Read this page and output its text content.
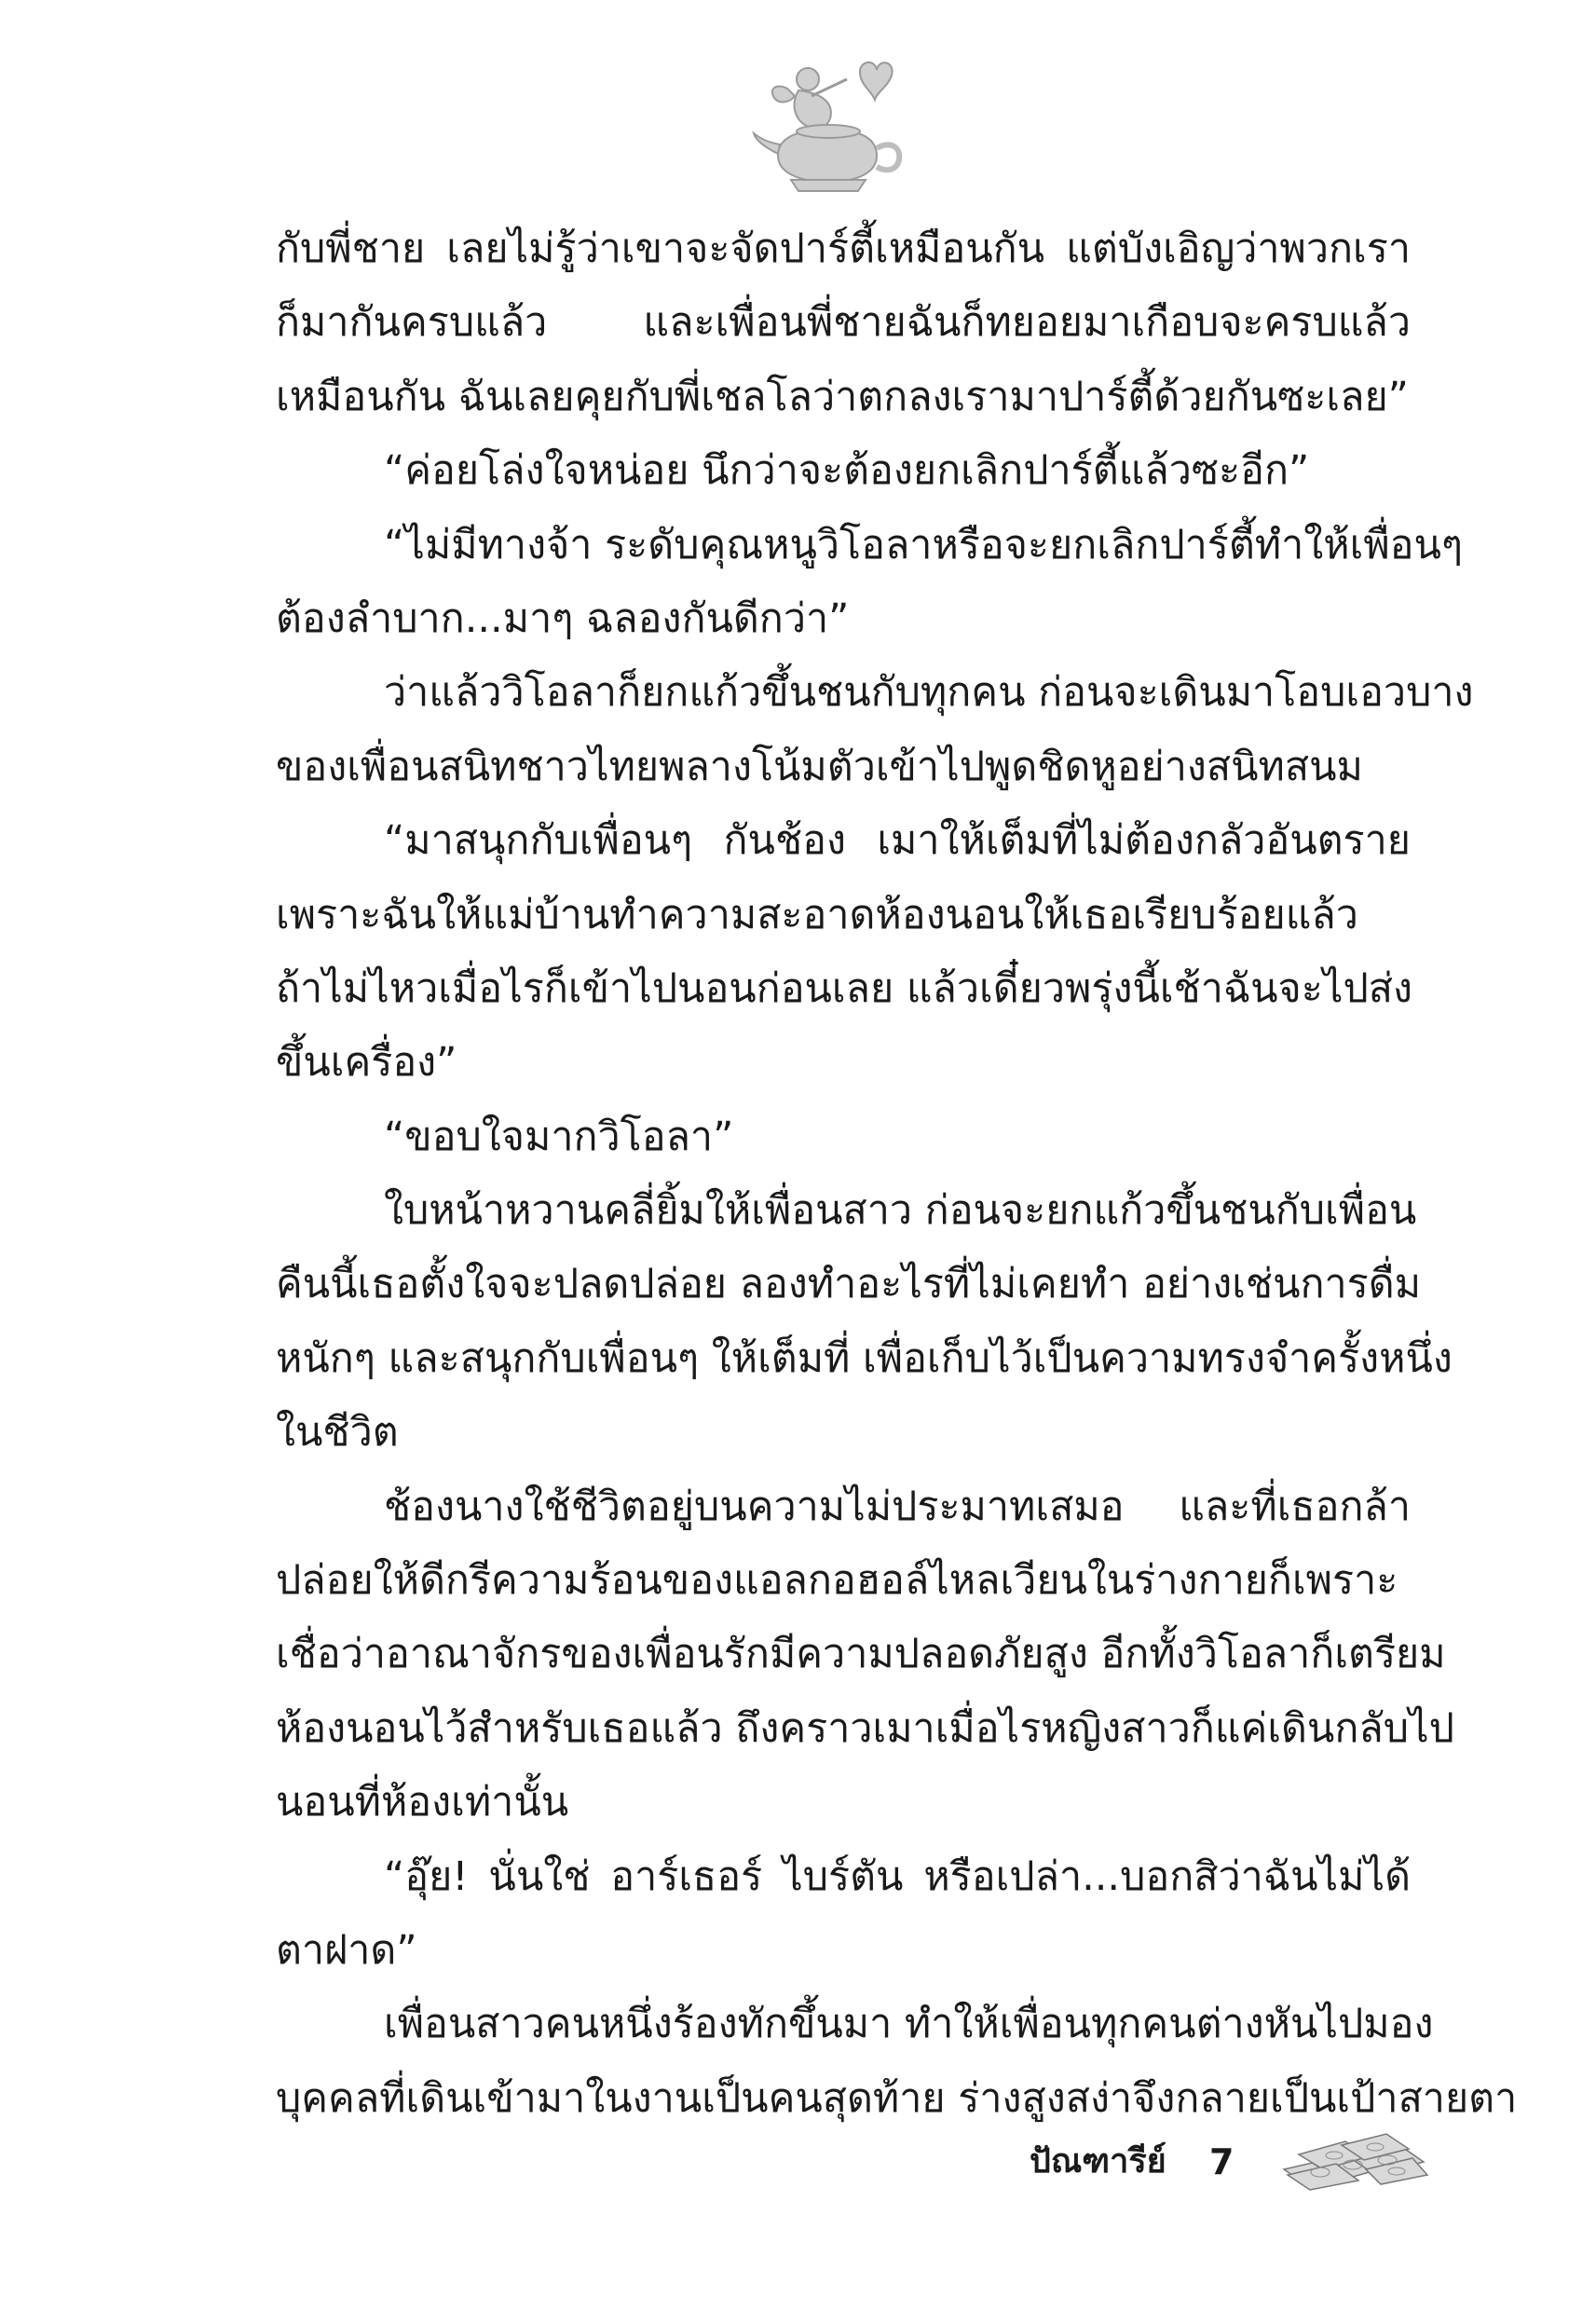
กับพี่ชาย เลยไม่รู้ว่าเขาจะจัดปาร์ตี้เหมือนกัน แต่บังเอิญว่าพวกเรา
ก็มากันครบแล้ว และเพื่อนพี่ชายฉันก็ทยอยมาเกือบจะครบแล้ว
เหมือนกัน ฉันเลยคุยกับพี่เชลโลว่าตกลงเรามาปาร์ตี้ด้วยกันซะเลย”
“ค่อยโล่งใจหน่อย นึกว่าจะต้องยกเลิกปาร์ตี้แล้วซะอีก”
“ไม่มีทางจ้า ระดับคุณหนูวิโอลาหรือจะยกเลิกปาร์ตี้ทำให้เพื่อนๆ
ต้องลำบาก...มาๆ ฉลองกันดีกว่า”
ว่าแล้ววิโอลาก็ยกแก้วขึ้นชนกับทุกคน ก่อนจะเดินมาโอบเอวบาง
ของเพื่อนสนิทชาวไทยพลางโน้มตัวเข้าไปพูดชิดหูอย่างสนิทสนม
“มาสนุกกับเพื่อนๆ กันช้อง เมาให้เต็มที่ไม่ต้องกลัวอันตราย
เพราะฉันให้แม่บ้านทำความสะอาดห้องนอนให้เธอเรียบร้อยแล้ว
ถ้าไม่ไหวเมื่อไรก็เข้าไปนอนก่อนเลย แล้วเดี๋ยวพรุ่งนี้เช้าฉันจะไปส่ง
ขึ้นเครื่อง”
“ขอบใจมากวิโอลา”
ใบหน้าหวานคลี่ยิ้มให้เพื่อนสาว ก่อนจะยกแก้วขึ้นชนกับเพื่อน
คืนนี้เธอตั้งใจจะปลดปล่อย ลองทำอะไรที่ไม่เคยทำ อย่างเช่นการดื่ม
หนักๆ และสนุกกับเพื่อนๆ ให้เต็มที่ เพื่อเก็บไว้เป็นความทรงจำครั้งหนึ่ง
ในชีวิต
ช้องนางใช้ชีวิตอยู่บนความไม่ประมาทเสมอ และที่เธอกล้า
ปล่อยให้ดีกรีความร้อนของแอลกอฮอล์ไหลเวียนในร่างกายก็เพราะ
เชื่อว่าอาณาจักรของเพื่อนรักมีความปลอดภัยสูง อีกทั้งวิโอลาก็เตรียม
ห้องนอนไว้สำหรับเธอแล้ว ถึงคราวเมาเมื่อไรหญิงสาวก็แค่เดินกลับไป
นอนที่ห้องเท่านั้น
“อุ๊ย! นั่นใช่ อาร์เธอร์ ไบร์ตัน หรือเปล่า...บอกสิว่าฉันไม่ได้
ตาฝาด”
เพื่อนสาวคนหนึ่งร้องทักขึ้นมา ทำให้เพื่อนทุกคนต่างหันไปมอง
บุคคลที่เดินเข้ามาในงานเป็นคนสุดท้าย ร่างสูงสง่าจึงกลายเป็นเป้าสายตา
ปัณฑารีย์ 7
